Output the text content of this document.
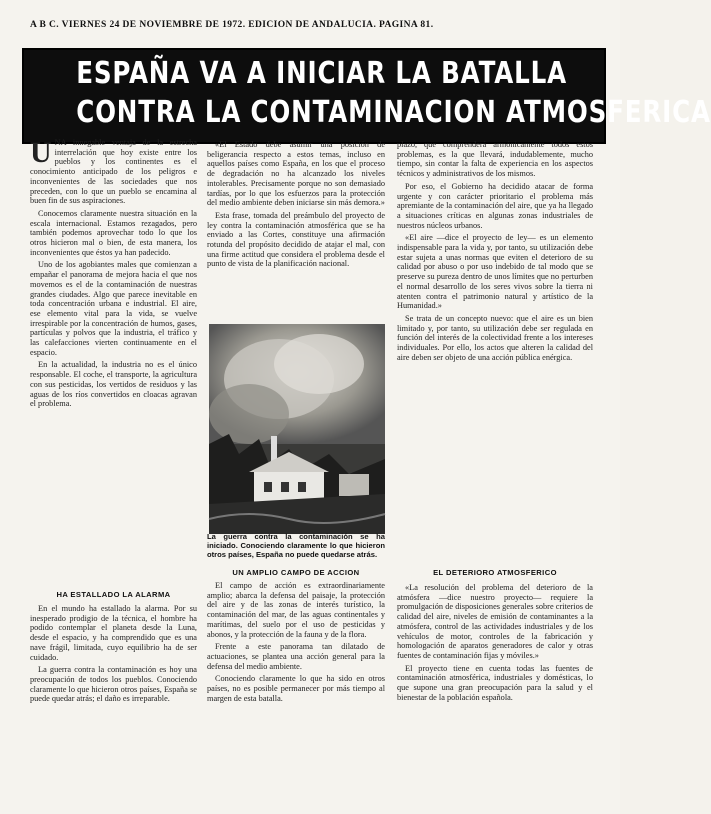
A B C. VIERNES 24 DE NOVIEMBRE DE 1972. EDICION DE ANDALUCIA. PAGINA 81.
ESPAÑA VA A INICIAR LA BATALLA
CONTRA LA CONTAMINACION ATMOSFERICA
U NA innegable ventaja de la estrecha interrelación que hoy existe entre los pueblos y los continentes es el conocimiento anticipado de los peligros e inconvenientes de las sociedades que nos preceden, con lo que un pueblo se encamina al buen fin de sus aspiraciones.

Conocemos claramente nuestra situación en la escala internacional. Estamos rezagados, pero también podemos aprovechar todo lo que los otros hicieron mal o bien, de esta manera, los inconvenientes que éstos ya han padecido.

Uno de los agobiantes males que comienzan a empañar el panorama de mejora hacia el que nos movemos es el de la contaminación de nuestras grandes ciudades. Algo que parece inevitable en toda concentración urbana e industrial. El aire, ese elemento vital para la vida, se vuelve irrespirable por la concentración de humos, gases, partículas y polvos que la industria, el tráfico y las calefacciones vierten continuamente en el espacio.

En la actualidad, la industria no es el único responsable. El coche, el transporte, la agricultura con sus pesticidas, los vertidos de residuos y las aguas de los ríos convertidos en cloacas agravan el problema.

HA ESTALLADO LA ALARMA

En el mundo ha estallado la alarma. Por su inesperado prodigio de la técnica, el hombre ha podido contemplar el planeta desde la Luna, desde el espacio, y ha comprendido que es una nave frágil, limitada, cuyo equilibrio ha de ser cuidado.

La guerra contra la contaminación es hoy una preocupación de todos los pueblos. Conociendo claramente lo que hicieron otros países, España se puede quedar atrás; el daño es irreparable.

«El Estado debe asumir una posición de beligerancia respecto a estos temas, incluso en aquellos países como España, en los que el proceso de degradación no ha alcanzado los niveles intolerables. Precisamente porque no son demasiado tardías, por lo que los esfuerzos para la protección del medio ambiente deben iniciarse sin más demora.»

Esta frase, tomada del preámbulo del proyecto de ley contra la contaminación atmosférica que se ha enviado a las Cortes, constituye una afirmación rotunda del propósito decidido de atajar el mal, con una firme actitud que considera el problema desde el punto de vista de la planificación nacional.

La guerra contra la contaminación se ha iniciado. Conociendo claramente lo que hicieron otros países, España no puede quedarse atrás.
UN AMPLIO CAMPO DE ACCION

El campo de acción es extraordinariamente amplio; abarca la defensa del paisaje, la protección del aire y de las zonas de interés turístico, la contaminación del mar, de las aguas continentales y marítimas, del suelo por el uso de pesticidas y abonos, y la protección de la fauna y de la flora.

Frente a este panorama tan dilatado de actuaciones, se plantea una acción general para la defensa del medio ambiente.

Conociendo claramente lo que ha sido en otros países, no es posible permanecer por más tiempo al margen de esta batalla.

plazo, que comprenderá armónicamente todos estos problemas, es la que llevará, indudablemente, mucho tiempo, sin contar la falta de experiencia en los aspectos técnicos y administrativos de los mismos.

Por eso, el Gobierno ha decidido atacar de forma urgente y con carácter prioritario el problema más apremiante de la contaminación del aire, que ya ha llegado a situaciones críticas en algunas zonas industriales de nuestros núcleos urbanos.

«El aire —dice el proyecto de ley— es un elemento indispensable para la vida y, por tanto, su utilización debe estar sujeta a unas normas que eviten el deterioro de su calidad por abuso o por uso indebido de tal modo que se preserve su pureza dentro de unos límites que no perturben el normal desarrollo de los seres vivos sobre la tierra ni atenten contra el patrimonio natural y artístico de la Humanidad.»

Se trata de un concepto nuevo: que el aire es un bien limitado y, por tanto, su utilización debe ser regulada en función del interés de la colectividad frente a los intereses individuales. Por ello, los actos que alteren la calidad del aire deben ser objeto de una acción pública enérgica.

EL DETERIORO ATMOSFERICO

«La resolución del problema del deterioro de la atmósfera —dice nuestro proyecto— requiere la promulgación de disposiciones generales sobre criterios de calidad del aire, niveles de emisión de contaminantes a la atmósfera, control de las actividades industriales y de los vehículos de motor, controles de la fabricación y homologación de aparatos generadores de calor y otras fuentes de contaminación fijas y móviles.»

El proyecto tiene en cuenta todas las fuentes de contaminación atmosférica, industriales y domésticas, lo que supone una gran preocupación para la salud y el bienestar de la población española.
